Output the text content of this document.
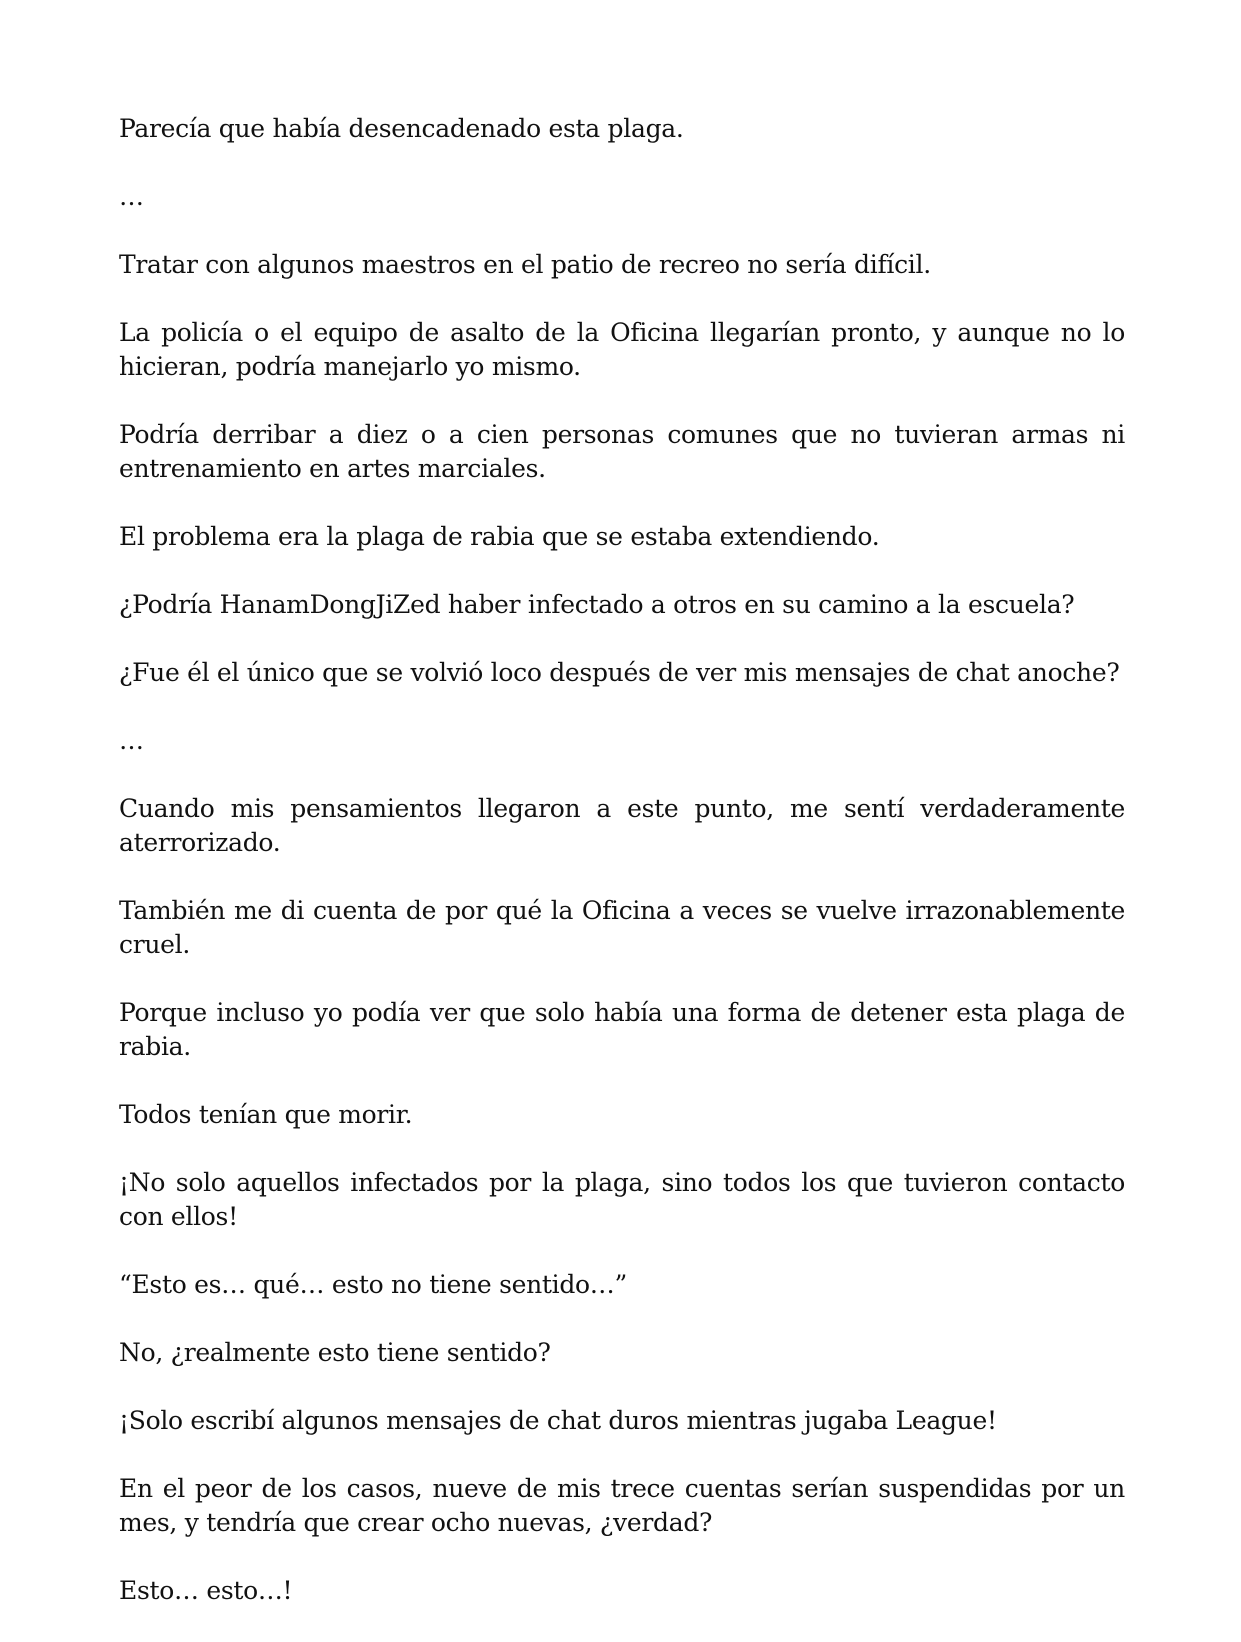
Parecía que había desencadenado esta plaga.

…

Tratar con algunos maestros en el patio de recreo no sería difícil.

La policía o el equipo de asalto de la Oficina llegarían pronto, y aunque no lo hicieran, podría manejarlo yo mismo.

Podría derribar a diez o a cien personas comunes que no tuvieran armas ni entrenamiento en artes marciales.

El problema era la plaga de rabia que se estaba extendiendo.

¿Podría HanamDongJiZed haber infectado a otros en su camino a la escuela?

¿Fue él el único que se volvió loco después de ver mis mensajes de chat anoche?

…

Cuando mis pensamientos llegaron a este punto, me sentí verdaderamente aterrorizado.

También me di cuenta de por qué la Oficina a veces se vuelve irrazonablemente cruel.

Porque incluso yo podía ver que solo había una forma de detener esta plaga de rabia.

Todos tenían que morir.

¡No solo aquellos infectados por la plaga, sino todos los que tuvieron contacto con ellos!

“Esto es… qué… esto no tiene sentido…”

No, ¿realmente esto tiene sentido?

¡Solo escribí algunos mensajes de chat duros mientras jugaba League!

En el peor de los casos, nueve de mis trece cuentas serían suspendidas por un mes, y tendría que crear ocho nuevas, ¿verdad?

Esto… esto…!
